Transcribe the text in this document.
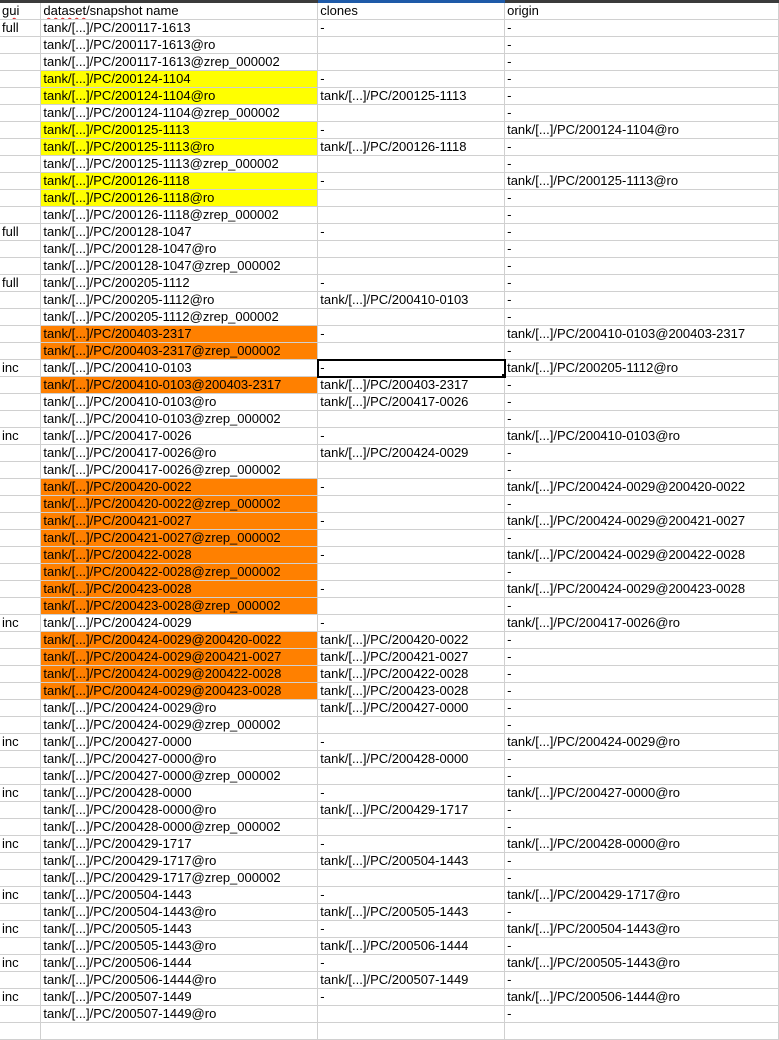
gui	dataset/snapshot name	clones	origin
full	tank/[...]/PC/200117-1613	-	-
	tank/[...]/PC/200117-1613@ro		-
	tank/[...]/PC/200117-1613@zrep_000002		-
	tank/[...]/PC/200124-1104	-	-
	tank/[...]/PC/200124-1104@ro	tank/[...]/PC/200125-1113	-
	tank/[...]/PC/200124-1104@zrep_000002		-
	tank/[...]/PC/200125-1113	-	tank/[...]/PC/200124-1104@ro
	tank/[...]/PC/200125-1113@ro	tank/[...]/PC/200126-1118	-
	tank/[...]/PC/200125-1113@zrep_000002		-
	tank/[...]/PC/200126-1118	-	tank/[...]/PC/200125-1113@ro
	tank/[...]/PC/200126-1118@ro		-
	tank/[...]/PC/200126-1118@zrep_000002		-
full	tank/[...]/PC/200128-1047	-	-
	tank/[...]/PC/200128-1047@ro		-
	tank/[...]/PC/200128-1047@zrep_000002		-
full	tank/[...]/PC/200205-1112	-	-
	tank/[...]/PC/200205-1112@ro	tank/[...]/PC/200410-0103	-
	tank/[...]/PC/200205-1112@zrep_000002		-
	tank/[...]/PC/200403-2317	-	tank/[...]/PC/200410-0103@200403-2317
	tank/[...]/PC/200403-2317@zrep_000002		-
inc	tank/[...]/PC/200410-0103	-	tank/[...]/PC/200205-1112@ro
	tank/[...]/PC/200410-0103@200403-2317	tank/[...]/PC/200403-2317	-
	tank/[...]/PC/200410-0103@ro	tank/[...]/PC/200417-0026	-
	tank/[...]/PC/200410-0103@zrep_000002		-
inc	tank/[...]/PC/200417-0026	-	tank/[...]/PC/200410-0103@ro
	tank/[...]/PC/200417-0026@ro	tank/[...]/PC/200424-0029	-
	tank/[...]/PC/200417-0026@zrep_000002		-
	tank/[...]/PC/200420-0022	-	tank/[...]/PC/200424-0029@200420-0022
	tank/[...]/PC/200420-0022@zrep_000002		-
	tank/[...]/PC/200421-0027	-	tank/[...]/PC/200424-0029@200421-0027
	tank/[...]/PC/200421-0027@zrep_000002		-
	tank/[...]/PC/200422-0028	-	tank/[...]/PC/200424-0029@200422-0028
	tank/[...]/PC/200422-0028@zrep_000002		-
	tank/[...]/PC/200423-0028	-	tank/[...]/PC/200424-0029@200423-0028
	tank/[...]/PC/200423-0028@zrep_000002		-
inc	tank/[...]/PC/200424-0029	-	tank/[...]/PC/200417-0026@ro
	tank/[...]/PC/200424-0029@200420-0022	tank/[...]/PC/200420-0022	-
	tank/[...]/PC/200424-0029@200421-0027	tank/[...]/PC/200421-0027	-
	tank/[...]/PC/200424-0029@200422-0028	tank/[...]/PC/200422-0028	-
	tank/[...]/PC/200424-0029@200423-0028	tank/[...]/PC/200423-0028	-
	tank/[...]/PC/200424-0029@ro	tank/[...]/PC/200427-0000	-
	tank/[...]/PC/200424-0029@zrep_000002		-
inc	tank/[...]/PC/200427-0000	-	tank/[...]/PC/200424-0029@ro
	tank/[...]/PC/200427-0000@ro	tank/[...]/PC/200428-0000	-
	tank/[...]/PC/200427-0000@zrep_000002		-
inc	tank/[...]/PC/200428-0000	-	tank/[...]/PC/200427-0000@ro
	tank/[...]/PC/200428-0000@ro	tank/[...]/PC/200429-1717	-
	tank/[...]/PC/200428-0000@zrep_000002		-
inc	tank/[...]/PC/200429-1717	-	tank/[...]/PC/200428-0000@ro
	tank/[...]/PC/200429-1717@ro	tank/[...]/PC/200504-1443	-
	tank/[...]/PC/200429-1717@zrep_000002		-
inc	tank/[...]/PC/200504-1443	-	tank/[...]/PC/200429-1717@ro
	tank/[...]/PC/200504-1443@ro	tank/[...]/PC/200505-1443	-
inc	tank/[...]/PC/200505-1443	-	tank/[...]/PC/200504-1443@ro
	tank/[...]/PC/200505-1443@ro	tank/[...]/PC/200506-1444	-
inc	tank/[...]/PC/200506-1444	-	tank/[...]/PC/200505-1443@ro
	tank/[...]/PC/200506-1444@ro	tank/[...]/PC/200507-1449	-
inc	tank/[...]/PC/200507-1449	-	tank/[...]/PC/200506-1444@ro
	tank/[...]/PC/200507-1449@ro		-
